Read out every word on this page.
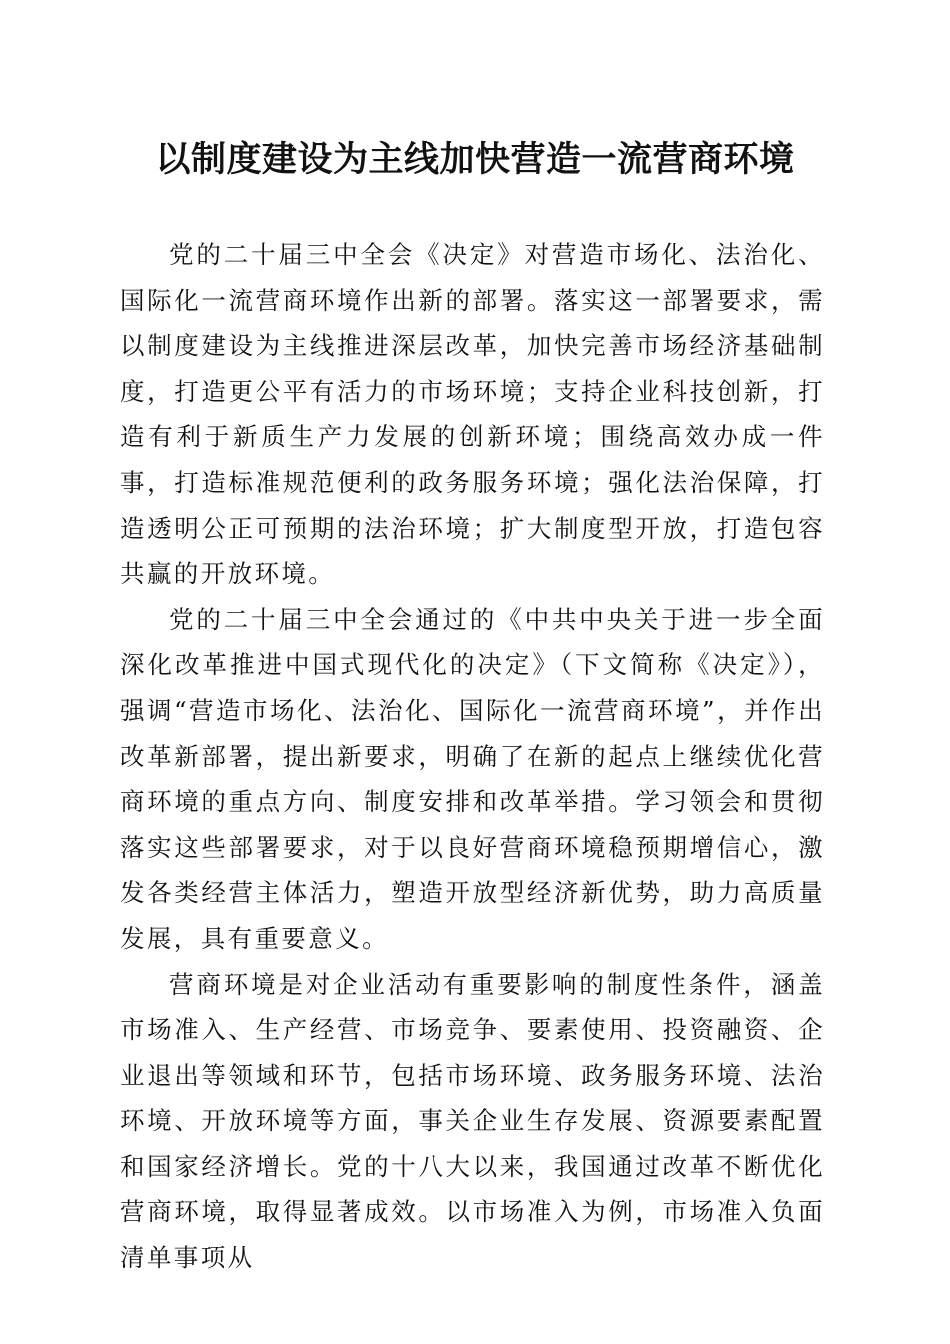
以制度建设为主线加快营造一流营商环境

党的二十届三中全会《决定》对营造市场化、法治化、国际化一流营商环境作出新的部署。落实这一部署要求，需以制度建设为主线推进深层改革，加快完善市场经济基础制度，打造更公平有活力的市场环境；支持企业科技创新，打造有利于新质生产力发展的创新环境；围绕高效办成一件事，打造标准规范便利的政务服务环境；强化法治保障，打造透明公正可预期的法治环境；扩大制度型开放，打造包容共赢的开放环境。

党的二十届三中全会通过的《中共中央关于进一步全面深化改革推进中国式现代化的决定》（下文简称《决定》），强调“营造市场化、法治化、国际化一流营商环境”，并作出改革新部署，提出新要求，明确了在新的起点上继续优化营商环境的重点方向、制度安排和改革举措。学习领会和贯彻落实这些部署要求，对于以良好营商环境稳预期增信心，激发各类经营主体活力，塑造开放型经济新优势，助力高质量发展，具有重要意义。

营商环境是对企业活动有重要影响的制度性条件，涵盖市场准入、生产经营、市场竞争、要素使用、投资融资、企业退出等领域和环节，包括市场环境、政务服务环境、法治环境、开放环境等方面，事关企业生存发展、资源要素配置和国家经济增长。党的十八大以来，我国通过改革不断优化营商环境，取得显著成效。以市场准入为例，市场准入负面清单事项从
